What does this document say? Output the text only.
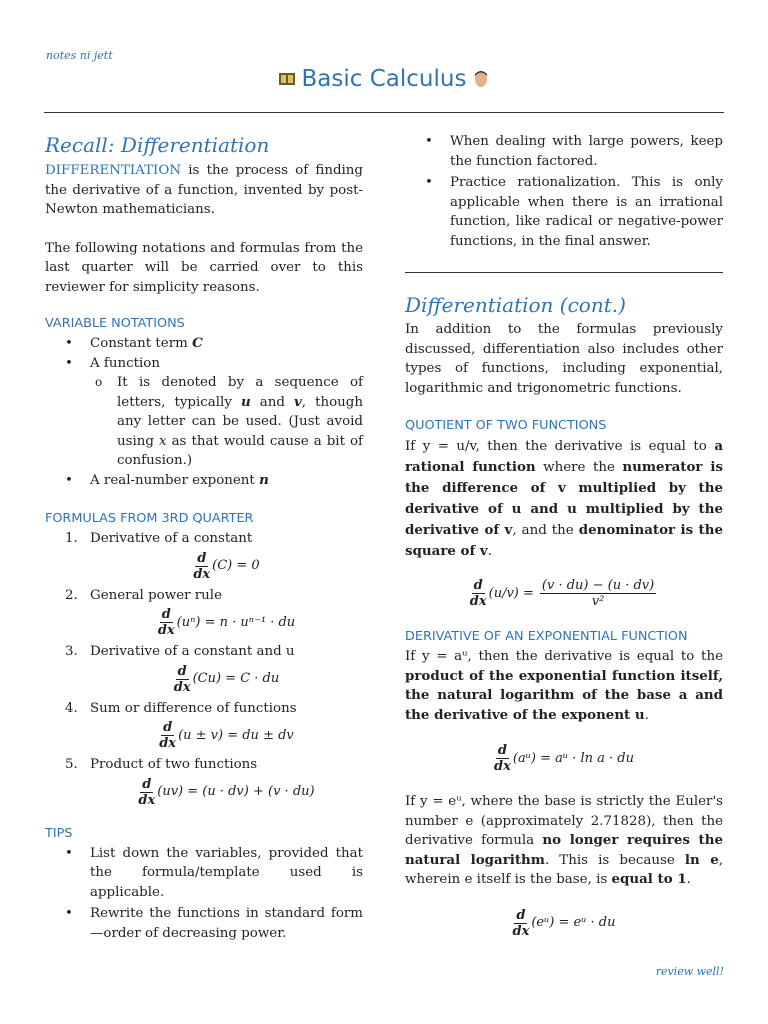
notes ni jett
Basic Calculus
Recall: Differentiation

DIFFERENTIATION is the process of finding the derivative of a function, invented by post-Newton mathematicians.

The following notations and formulas from the last quarter will be carried over to this reviewer for simplicity reasons.

VARIABLE NOTATIONS
• Constant term C
• A function
o It is denoted by a sequence of letters, typically u and v, though any letter can be used. (Just avoid using x as that would cause a bit of confusion.)
• A real-number exponent n
FORMULAS FROM 3RD QUARTER
1. Derivative of a constant
$\frac{d}{dx} (C) = 0$
2. General power rule
$\frac{d}{dx} (u^n) = n \cdot u^{n-1}$ · du
3. Derivative of a constant and u
$\frac{d}{dx} (Cu) = C$ · du
4. Sum or difference of functions
$\frac{d}{dx} (u \pm v)$ = du ± dv
5. Product of two functions
$\frac{d}{dx} (uv) = (u \cdot dv) + (v \cdot du)$
TIPS
• List down the variables, provided that the formula/template used is applicable.
• Rewrite the functions in standard form—order of decreasing power.
• When dealing with large powers, keep the function factored.
• Practice rationalization. This is only applicable when there is an irrational function, like radical or negative-power functions, in the final answer.
Differentiation (cont.)

In addition to the formulas previously discussed, differentiation also includes other types of functions, including exponential, logarithmic and trigonometric functions.

QUOTIENT OF TWO FUNCTIONS

If y = u/v, then the derivative is equal to a rational function where the numerator is the difference of v multiplied by the derivative of u and u multiplied by the derivative of v, and the denominator is the square of v.

$\frac{d}{dx} (u/v) = \frac{(v \cdot du) - (u \cdot dv)}{\text{v²}}$
DERIVATIVE OF AN EXPONENTIAL FUNCTION

If y = aᵘ, then the derivative is equal to the product of the exponential function itself, the natural logarithm of the base a and the derivative of the exponent u.

$\frac{d}{dx}$ (aᵘ) = aᵘ · ln a · du

If y = eᵘ, where the base is strictly the Euler's number e (approximately 2.71828), then the derivative formula no longer requires the natural logarithm. This is because ln e, wherein e itself is the base, is equal to 1.

$\frac{d}{dx}$ (eᵘ) = eᵘ · du
review well!
